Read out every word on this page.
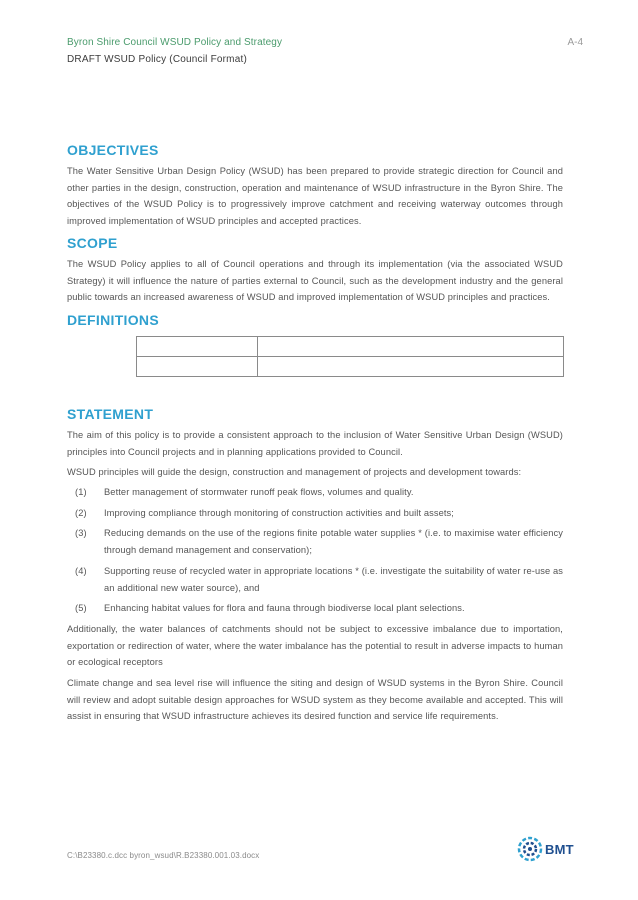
Byron Shire Council WSUD Policy and Strategy	A-4
DRAFT WSUD Policy (Council Format)
OBJECTIVES

The Water Sensitive Urban Design Policy (WSUD) has been prepared to provide strategic direction for Council and other parties in the design, construction, operation and maintenance of WSUD infrastructure in the Byron Shire. The objectives of the WSUD Policy is to progressively improve catchment and receiving waterway outcomes through improved implementation of WSUD principles and accepted practices.

SCOPE

The WSUD Policy applies to all of Council operations and through its implementation (via the associated WSUD Strategy) it will influence the nature of parties external to Council, such as the development industry and the general public towards an increased awareness of WSUD and improved implementation of WSUD principles and practices.

DEFINITIONS

STATEMENT

The aim of this policy is to provide a consistent approach to the inclusion of Water Sensitive Urban Design (WSUD) principles into Council projects and in planning applications provided to Council.

WSUD principles will guide the design, construction and management of projects and development towards:

(1) Better management of stormwater runoff peak flows, volumes and quality.
(2) Improving compliance through monitoring of construction activities and built assets;
(3) Reducing demands on the use of the regions finite potable water supplies * (i.e. to maximise water efficiency through demand management and conservation);
(4) Supporting reuse of recycled water in appropriate locations * (i.e. investigate the suitability of water re-use as an additional new water source), and
(5) Enhancing habitat values for flora and fauna through biodiverse local plant selections.

Additionally, the water balances of catchments should not be subject to excessive imbalance due to importation, exportation or redirection of water, where the water imbalance has the potential to result in adverse impacts to human or ecological receptors

Climate change and sea level rise will influence the siting and design of WSUD systems in the Byron Shire. Council will review and adopt suitable design approaches for WSUD system as they become available and accepted. This will assist in ensuring that WSUD infrastructure achieves its desired function and service life requirements.

C:\B23380.c.dcc byron_wsud\R.B23380.001.03.docx	BMT
